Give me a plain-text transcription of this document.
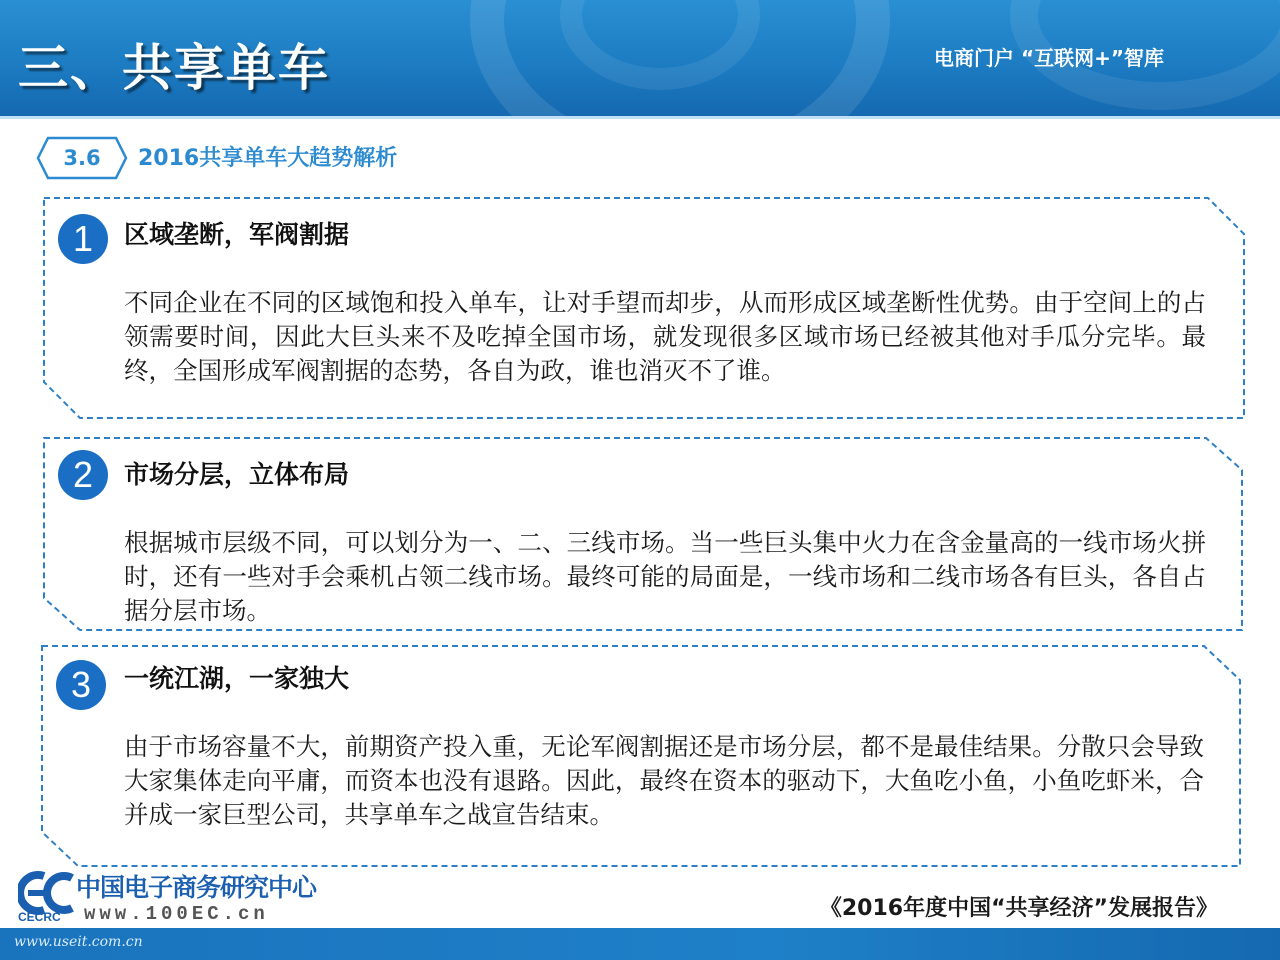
三、共享单车	电商门户 “互联网+”智库
3.6	2016共享单车大趋势解析
1	区域垄断，军阀割据
不同企业在不同的区域饱和投入单车，让对手望而却步，从而形成区域垄断性优势。由于空间上的占领需要时间，因此大巨头来不及吃掉全国市场，就发现很多区域市场已经被其他对手瓜分完毕。最终，全国形成军阀割据的态势，各自为政，谁也消灭不了谁。
2	市场分层，立体布局
根据城市层级不同，可以划分为一、二、三线市场。当一些巨头集中火力在含金量高的一线市场火拼时，还有一些对手会乘机占领二线市场。最终可能的局面是，一线市场和二线市场各有巨头，各自占据分层市场。
3	一统江湖，一家独大
由于市场容量不大，前期资产投入重，无论军阀割据还是市场分层，都不是最佳结果。分散只会导致大家集体走向平庸，而资本也没有退路。因此，最终在资本的驱动下，大鱼吃小鱼，小鱼吃虾米，合并成一家巨型公司，共享单车之战宣告结束。
中国电子商务研究中心
CECRC www.100EC.cn	《2016年度中国“共享经济”发展报告》
www.useit.com.cn
